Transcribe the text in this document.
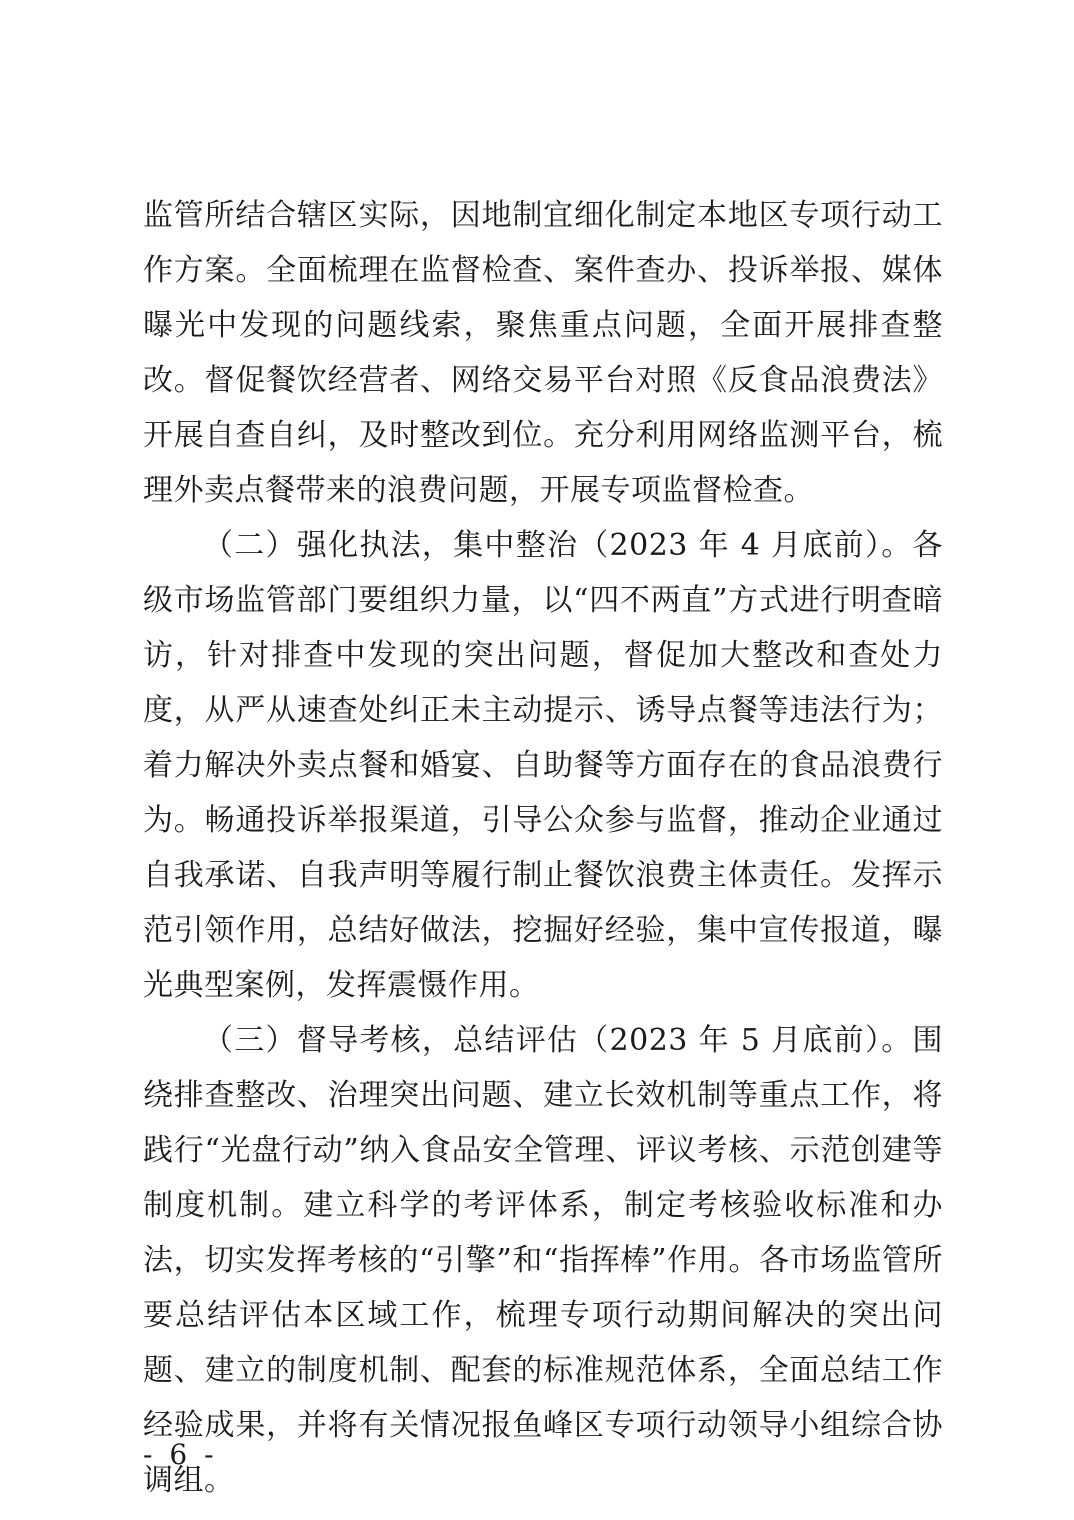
监管所结合辖区实际，因地制宜细化制定本地区专项行动工作方案。全面梳理在监督检查、案件查办、投诉举报、媒体曝光中发现的问题线索，聚焦重点问题，全面开展排查整改。督促餐饮经营者、网络交易平台对照《反食品浪费法》开展自查自纠，及时整改到位。充分利用网络监测平台，梳理外卖点餐带来的浪费问题，开展专项监督检查。

（二）强化执法，集中整治（2023 年 4 月底前）。各级市场监管部门要组织力量，以“四不两直”方式进行明查暗访，针对排查中发现的突出问题，督促加大整改和查处力度，从严从速查处纠正未主动提示、诱导点餐等违法行为；着力解决外卖点餐和婚宴、自助餐等方面存在的食品浪费行为。畅通投诉举报渠道，引导公众参与监督，推动企业通过自我承诺、自我声明等履行制止餐饮浪费主体责任。发挥示范引领作用，总结好做法，挖掘好经验，集中宣传报道，曝光典型案例，发挥震慑作用。

（三）督导考核，总结评估（2023 年 5 月底前）。围绕排查整改、治理突出问题、建立长效机制等重点工作，将践行“光盘行动”纳入食品安全管理、评议考核、示范创建等制度机制。建立科学的考评体系，制定考核验收标准和办法，切实发挥考核的“引擎”和“指挥棒”作用。各市场监管所要总结评估本区域工作，梳理专项行动期间解决的突出问题、建立的制度机制、配套的标准规范体系，全面总结工作经验成果，并将有关情况报鱼峰区专项行动领导小组综合协调组。

- 6 -
